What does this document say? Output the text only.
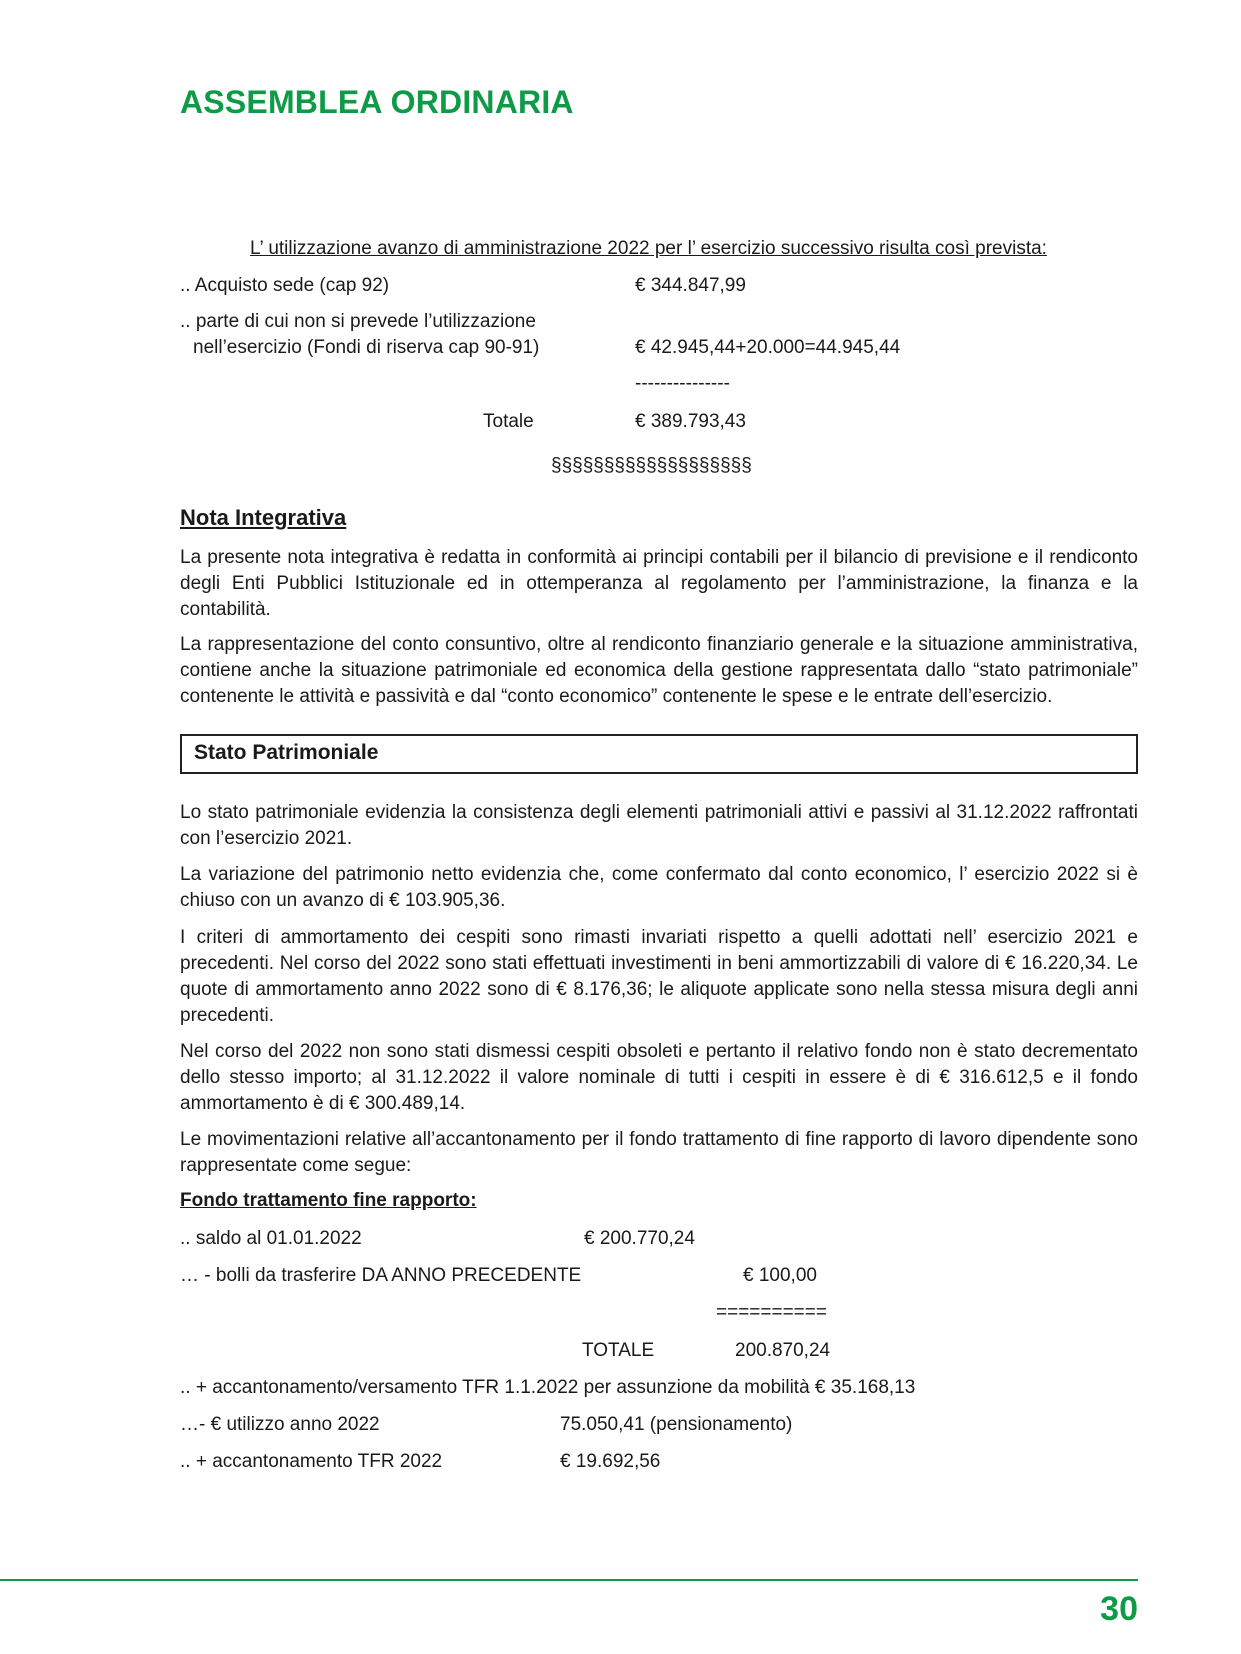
ASSEMBLEA ORDINARIA
L’ utilizzazione avanzo di amministrazione 2022 per l’ esercizio successivo risulta così prevista:
.. Acquisto sede (cap 92)	€ 344.847,99
.. parte di cui non si prevede l’utilizzazione
nell’esercizio (Fondi di riserva cap 90-91)	€ 42.945,44+20.000=44.945,44
---------------
Totale	€ 389.793,43
§§§§§§§§§§§§§§§§§§§
Nota Integrativa

La presente nota integrativa è redatta in conformità ai principi contabili per il bilancio di previsione e il rendiconto degli Enti Pubblici Istituzionale ed in ottemperanza al regolamento per l’amministrazione, la finanza e la contabilità.

La rappresentazione del conto consuntivo, oltre al rendiconto finanziario generale e la situazione amministrativa, contiene anche la situazione patrimoniale ed economica della gestione rappresentata dallo “stato patrimoniale” contenente le attività e passività e dal “conto economico” contenente le spese e le entrate dell’esercizio.

Stato Patrimoniale

Lo stato patrimoniale evidenzia la consistenza degli elementi patrimoniali attivi e passivi al 31.12.2022 raffrontati con l’esercizio 2021.

La variazione del patrimonio netto evidenzia che, come confermato dal conto economico, l’ esercizio 2022 si è chiuso con un avanzo di € 103.905,36.

I criteri di ammortamento dei cespiti sono rimasti invariati rispetto a quelli adottati nell’ esercizio 2021 e precedenti. Nel corso del 2022 sono stati effettuati investimenti in beni ammortizzabili di valore di € 16.220,34. Le quote di ammortamento anno 2022 sono di € 8.176,36; le aliquote applicate sono nella stessa misura degli anni precedenti.

Nel corso del 2022 non sono stati dismessi cespiti obsoleti e pertanto il relativo fondo non è stato decrementato dello stesso importo; al 31.12.2022 il valore nominale di tutti i cespiti in essere è di € 316.612,5 e il fondo ammortamento è di € 300.489,14.

Le movimentazioni relative all’accantonamento per il fondo trattamento di fine rapporto di lavoro dipendente sono rappresentate come segue:

Fondo trattamento fine rapporto:
.. saldo al 01.01.2022	€ 200.770,24
… - bolli da trasferire DA ANNO PRECEDENTE	€ 100,00
==========
TOTALE	200.870,24
.. + accantonamento/versamento TFR 1.1.2022 per assunzione da mobilità € 35.168,13
…- € utilizzo anno 2022	75.050,41 (pensionamento)
.. + accantonamento TFR 2022	€ 19.692,56
30
